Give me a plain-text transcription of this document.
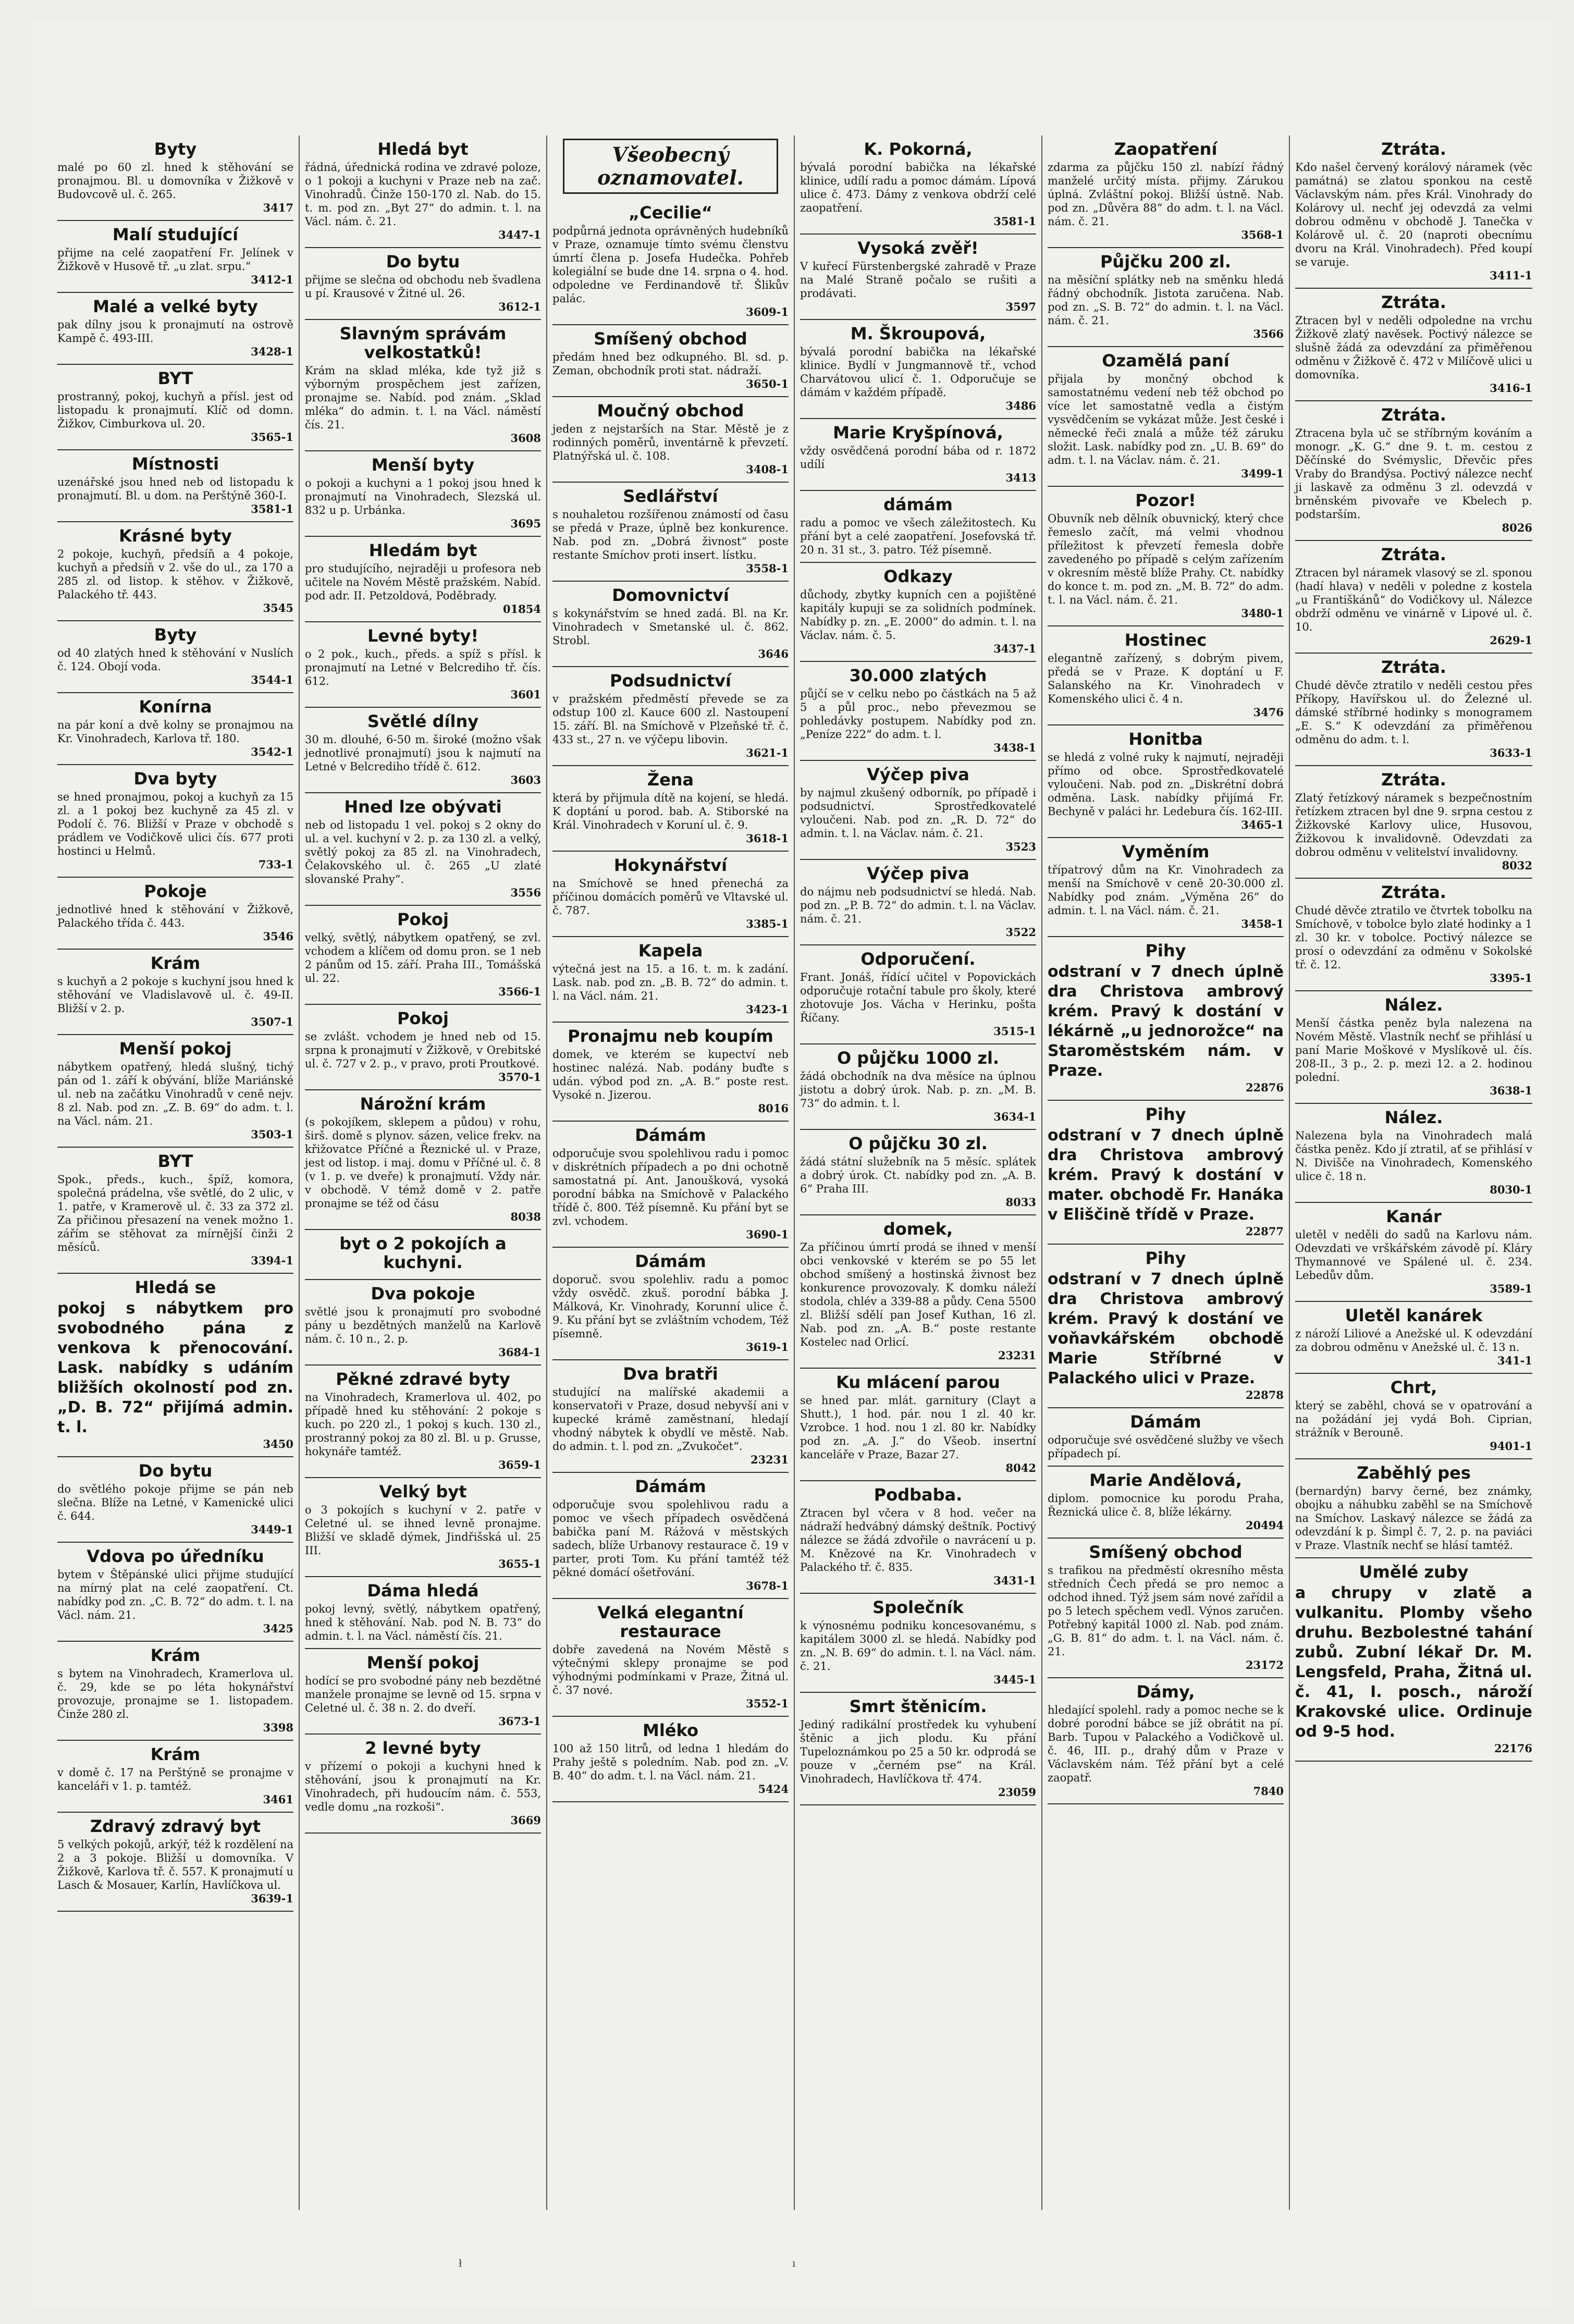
Byty
malé po 60 zl. hned k stěhování se pronajmou. Bl. u domovníka v Žižkově v Budovcově ul. č. 265.
3417
Malí studující
přijme na celé zaopatření Fr. Jelínek v Žižkově v Husově tř. „u zlat. srpu.“
3412-1
Malé a velké byty
pak dílny jsou k pronajmutí na ostrově Kampě č. 493-III.
3428-1
BYT
prostranný, pokoj, kuchyň a přísl. jest od listopadu k pronajmutí. Klíč od domn. Žižkov, Cimburkova ul. 20.
3565-1
Místnosti
uzenářské jsou hned neb od listopadu k pronajmutí. Bl. u dom. na Perštýně 360-I.
3581-1
Krásné byty
2 pokoje, kuchyň, předsíň a 4 pokoje, kuchyň a předsíň v 2. vše do ul., za 170 a 285 zl. od listop. k stěhov. v Žižkově, Palackého tř. 443.
3545
Byty
od 40 zlatých hned k stěhování v Nuslích č. 124. Obojí voda.
3544-1
Konírna
na pár koní a dvě kolny se pronajmou na Kr. Vinohradech, Karlova tř. 180.
3542-1
Dva byty
se hned pronajmou, pokoj a kuchyň za 15 zl. a 1 pokoj bez kuchyně za 45 zl. v Podolí č. 76. Bližší v Praze v obchodě s prádlem ve Vodičkově ulici čís. 677 proti hostinci u Helmů.
733-1
Pokoje
jednotlivé hned k stěhování v Žižkově, Palackého třída č. 443.
3546
Krám
s kuchyň a 2 pokoje s kuchyní jsou hned k stěhování ve Vladislavově ul. č. 49-II. Bližší v 2. p.
3507-1
Menší pokoj
nábytkem opatřený, hledá slušný, tichý pán od 1. září k obývání, blíže Mariánské ul. neb na začátku Vinohradů v ceně nejv. 8 zl. Nab. pod zn. „Z. B. 69“ do adm. t. l. na Václ. nám. 21.
3503-1
BYT
Spok., předs., kuch., špíž, komora, společná prádelna, vše světlé, do 2 ulic, v 1. patře, v Kramerově ul. č. 33 za 372 zl. Za přičinou přesazení na venek možno 1. zářím se stěhovat za mírnější činži 2 měsíců.
3394-1
Hledá se
pokoj s nábytkem pro svobodného pána z venkova k přenocování. Lask. nabídky s udáním bližších okolností pod zn. „D. B. 72“ přijímá admin. t. l.
3450
Do bytu
do světlého pokoje přijme se pán neb slečna. Blíže na Letné, v Kamenické ulici č. 644.
3449-1
Vdova po úředníku
bytem v Štěpánské ulici přijme studující na mírný plat na celé zaopatření. Ct. nabídky pod zn. „C. B. 72“ do adm. t. l. na Václ. nám. 21.
3425
Krám
s bytem na Vinohradech, Kramerlova ul. č. 29, kde se po léta hokynářství provozuje, pronajme se 1. listopadem. Činže 280 zl.
3398
Krám
v domě č. 17 na Perštýně se pronajme v kanceláři v 1. p. tamtéž.
3461
Zdravý zdravý byt
5 velkých pokojů, arkýř, též k rozdělení na 2 a 3 pokoje. Bližší u domovníka. V Žižkově, Karlova tř. č. 557. K pronajmutí u Lasch & Mosauer, Karlín, Havlíčkova ul.
3639-1
Hledá byt
řádná, úřednická rodina ve zdravé poloze, o 1 pokoji a kuchyni v Praze neb na zač. Vinohradů. Činže 150-170 zl. Nab. do 15. t. m. pod zn. „Byt 27“ do admin. t. l. na Václ. nám. č. 21.
3447-1
Do bytu
přijme se slečna od obchodu neb švadlena u pí. Krausové v Žitné ul. 26.
3612-1
Slavným správám velkostatků!
Krám na sklad mléka, kde tyž již s výborným prospěchem jest zařízen, pronajme se. Nabíd. pod znám. „Sklad mléka“ do admin. t. l. na Václ. náměstí čís. 21.
3608
Menší byty
o pokoji a kuchyni a 1 pokoj jsou hned k pronajmutí na Vinohradech, Slezská ul. 832 u p. Urbánka.
3695
Hledám byt
pro studujícího, nejraději u profesora neb učitele na Novém Městě pražském. Nabíd. pod adr. II. Petzoldová, Poděbrady.
01854
Levné byty!
o 2 pok., kuch., předs. a spíž s přísl. k pronajmutí na Letné v Belcrediho tř. čís. 612.
3601
Světlé dílny
30 m. dlouhé, 6-50 m. široké (možno však jednotlivé pronajmutí) jsou k najmutí na Letné v Belcrediho třídě č. 612.
3603
Hned lze obývati
neb od listopadu 1 vel. pokoj s 2 okny do ul. a vel. kuchyní v 2. p. za 130 zl. a velký, světlý pokoj za 85 zl. na Vinohradech, Čelakovského ul. č. 265 „U zlaté slovanské Prahy“.
3556
Pokoj
velký, světlý, nábytkem opatřený, se zvl. vchodem a klíčem od domu pron. se 1 neb 2 pánům od 15. září. Praha III., Tomášská ul. 22.
3566-1
Pokoj
se zvlášt. vchodem je hned neb od 15. srpna k pronajmutí v Žižkově, v Orebitské ul. č. 727 v 2. p., v pravo, proti Proutkové.
3570-1
Nárožní krám
(s pokojíkem, sklepem a půdou) v rohu, širš. domě s plynov. sázen, velice frekv. na křižovatce Příčné a Řeznické ul. v Praze, jest od listop. i maj. domu v Příčné ul. č. 8 (v 1. p. ve dveře) k pronajmutí. Vždy nár. v obchodě. V témž domě v 2. patře pronajme se též od čásu
8038
byt o 2 pokojích a kuchyni.
Dva pokoje
světlé jsou k pronajmutí pro svobodné pány u bezdětných manželů na Karlově nám. č. 10 n., 2. p.
3684-1
Pěkné zdravé byty
na Vinohradech, Kramerlova ul. 402, po případě hned ku stěhování: 2 pokoje s kuch. po 220 zl., 1 pokoj s kuch. 130 zl., prostranný pokoj za 80 zl. Bl. u p. Grusse, hokynáře tamtéž.
3659-1
Velký byt
o 3 pokojích s kuchyní v 2. patře v Celetné ul. se ihned levně pronajme. Bližší ve skladě dýmek, Jindřišská ul. 25 III.
3655-1
Dáma hledá
pokoj levný, světlý, nábytkem opatřený, hned k stěhování. Nab. pod N. B. 73“ do admin. t. l. na Václ. náměstí čís. 21.
Menší pokoj
hodící se pro svobodné pány neb bezdětné manžele pronajme se levně od 15. srpna v Celetné ul. č. 38 n. 2. do dveří.
3673-1
2 levné byty
v přízemí o pokoji a kuchyni hned k stěhování, jsou k pronajmutí na Kr. Vinohradech, při hudoucím nám. č. 553, vedle domu „na rozkoši“.
3669
Všeobecný
oznamovatel.
„Cecilie“
podpůrná jednota oprávněných hudebníků v Praze, oznamuje tímto svému členstvu úmrtí člena p. Josefa Hudečka. Pohřeb kolegiální se bude dne 14. srpna o 4. hod. odpoledne ve Ferdinandově tř. Šlikův palác.
3609-1
Smíšený obchod
předám hned bez odkupného. Bl. sd. p. Zeman, obchodník proti stat. nádraží.
3650-1
Moučný obchod
jeden z nejstarších na Star. Městě je z rodinných poměrů, inventárně k převzetí. Platnýřská ul. č. 108.
3408-1
Sedlářství
s nouhaletou rozšířenou známostí od času se předá v Praze, úplně bez konkurence. Nab. pod zn. „Dobrá živnost“ poste restante Smíchov proti insert. lístku.
3558-1
Domovnictví
s kokynářstvím se hned zadá. Bl. na Kr. Vinohradech v Smetanské ul. č. 862. Strobl.
3646
Podsudnictví
v pražském předměstí převede se za odstup 100 zl. Kauce 600 zl. Nastoupení 15. září. Bl. na Smíchově v Plzeňské tř. č. 433 st., 27 n. ve výčepu libovin.
3621-1
Žena
která by přijmula dítě na kojení, se hledá. K doptání u porod. bab. A. Stiborské na Král. Vinohradech v Koruní ul. č. 9.
3618-1
Hokynářství
na Smíchově se hned přenechá za příčinou domácích poměrů ve Vltavské ul. č. 787.
3385-1
Kapela
výtečná jest na 15. a 16. t. m. k zadání. Lask. nab. pod zn. „B. B. 72“ do admin. t. l. na Václ. nám. 21.
3423-1
Pronajmu neb koupím
domek, ve kterém se kupectví neb hostinec nalézá. Nab. podány buďte s udán. výbod pod zn. „A. B.“ poste rest. Vysoké n. Jizerou.
8016
Dámám
odporučuje svou spolehlivou radu i pomoc v diskrétních případech a po dni ochotně samostatná pí. Ant. Janoušková, vysoká porodní bábka na Smíchově v Palackého třídě č. 800. Též písemně. Ku přání byt se zvl. vchodem.
3690-1
Dámám
doporuč. svou spolehliv. radu a pomoc vždy osvědč. zkuš. porodní bábka J. Málková, Kr. Vinohrady, Korunní ulice č. 9. Ku přání byt se zvláštním vchodem, Též písemně.
3619-1
Dva bratři
studující na malířské akademii a konservatoři v Praze, dosud nebyvší ani v kupecké krámě zaměstnaní, hledají vhodný nábytek k obydlí ve městě. Nab. do admin. t. l. pod zn. „Zvukočet“.
23231
Dámám
odporučuje svou spolehlivou radu a pomoc ve všech případech osvědčená babička paní M. Rážová v městských sadech, blíže Urbanovy restaurace č. 19 v parter, proti Tom. Ku přání tamtéž též pěkné domácí ošetřování.
3678-1
Velká elegantní restaurace
dobře zavedená na Novém Městě s výtečnými sklepy pronajme se pod výhodnými podmínkami v Praze, Žitná ul. č. 37 nové.
3552-1
Mléko
100 až 150 litrů, od ledna 1 hledám do Prahy ještě s poledním. Nab. pod zn. „V. B. 40“ do adm. t. l. na Václ. nám. 21.
5424
K. Pokorná,
bývalá porodní babička na lékařské klinice, udílí radu a pomoc dámám. Lípová ulice č. 473. Dámy z venkova obdrží celé zaopatření.
3581-1
Vysoká zvěř!
V kuřecí Fürstenbergské zahradě v Praze na Malé Straně počalo se rušiti a prodávati.
3597
M. Škroupová,
bývalá porodní babička na lékařské klinice. Bydlí v Jungmannově tř., vchod Charvátovou ulicí č. 1. Odporučuje se dámám v každém případě.
3486
Marie Kryšpínová,
vždy osvědčená porodní bába od r. 1872 udílí
3413
dámám
radu a pomoc ve všech záležitostech. Ku přání byt a celé zaopatření. Josefovská tř. 20 n. 31 st., 3. patro. Též písemně.
Odkazy
důchody, zbytky kupních cen a pojištěné kapitály kupuji se za solidních podmínek. Nabídky p. zn. „E. 2000“ do admin. t. l. na Václav. nám. č. 5.
3437-1
30.000 zlatých
půjčí se v celku nebo po částkách na 5 až 5 a půl proc., nebo převezmou se pohledávky postupem. Nabídky pod zn. „Peníze 222“ do adm. t. l.
3438-1
Výčep piva
by najmul zkušený odborník, po případě i podsudnictví. Sprostředkovatelé vyloučeni. Nab. pod zn. „R. D. 72“ do admin. t. l. na Václav. nám. č. 21.
3523
Výčep piva
do nájmu neb podsudnictví se hledá. Nab. pod zn. „P. B. 72“ do admin. t. l. na Václav. nám. č. 21.
3522
Odporučení.
Frant. Jonáš, řídící učitel v Popovickách odporučuje rotační tabule pro školy, které zhotovuje Jos. Vácha v Herinku, pošta Říčany.
3515-1
O půjčku 1000 zl.
žádá obchodník na dva měsíce na úplnou jistotu a dobrý úrok. Nab. p. zn. „M. B. 73“ do admin. t. l.
3634-1
O půjčku 30 zl.
žádá státní služebník na 5 měsíc. splátek a dobrý úrok. Ct. nabídky pod zn. „A. B. 6“ Praha III.
8033
domek,
Za příčinou úmrtí prodá se ihned v menší obci venkovské v kterém se po 55 let obchod smíšený a hostinská živnost bez konkurence provozovaly. K domku náleží stodola, chlév a 339-88 a půdy. Cena 5500 zl. Bližší sdělí pan Josef Kuthan, 16 zl. Nab. pod zn. „A. B.“ poste restante Kostelec nad Orlicí.
23231
Ku mlácení parou
se hned par. mlát. garnitury (Clayt a Shutt.), 1 hod. pár. nou 1 zl. 40 kr. Vzrobce. 1 hod. nou 1 zl. 80 kr. Nabídky pod zn. „A. J.“ do Všeob. insertní kanceláře v Praze, Bazar 27.
8042
Podbaba.
Ztracen byl včera v 8 hod. večer na nádraží hedvábný dámský deštník. Poctivý nálezce se žádá zdvořile o navrácení u p. M. Knězové na Kr. Vinohradech v Palackého tř. č. 835.
3431-1
Společník
k výnosnému podniku koncesovanému, s kapitálem 3000 zl. se hledá. Nabídky pod zn. „N. B. 69“ do admin. t. l. na Václ. nám. č. 21.
3445-1
Smrt štěnicím.
Jediný radikální prostředek ku vyhubení štěnic a jich plodu. Ku přání Tupeloznámkou po 25 a 50 kr. odprodá se pouze v „černém pse“ na Král. Vinohradech, Havlíčkova tř. 474.
23059
Zaopatření
zdarma za půjčku 150 zl. nabízí řádný manželé určitý místa. přijmy. Zárukou úplná. Zvláštní pokoj. Bližší ústně. Nab. pod zn. „Důvěra 88“ do adm. t. l. na Václ. nám. č. 21.
3568-1
Půjčku 200 zl.
na měsíční splátky neb na směnku hledá řádný obchodník. Jistota zaručena. Nab. pod zn. „S. B. 72“ do admin. t. l. na Václ. nám. č. 21.
3566
Ozamělá paní
přijala by mončný obchod k samostatnému vedení neb též obchod po více let samostatně vedla a čistým vysvědčením se vykázat může. Jest české i německé řeči znalá a může též záruku složit. Lask. nabídky pod zn. „U. B. 69“ do adm. t. l. na Václav. nám. č. 21.
3499-1
Pozor!
Obuvník neb dělník obuvnický, který chce řemeslo začít, má velmi vhodnou příležitost k převzetí řemesla dobře zavedeného po případě s celým zařízením v okresním městě blíže Prahy. Ct. nabídky do konce t. m. pod zn. „M. B. 72“ do adm. t. l. na Václ. nám. č. 21.
3480-1
Hostinec
elegantně zařízený, s dobrým pivem, předá se v Praze. K doptání u F. Salanského na Kr. Vinohradech v Komenského ulici č. 4 n.
3476
Honitba
se hledá z volné ruky k najmutí, nejraději přímo od obce. Sprostředkovatelé vyloučeni. Nab. pod zn. „Diskrétní dobrá odměna. Lask. nabídky přijímá Fr. Bechyně v paláci hr. Ledebura čís. 162-III.
3465-1
Vyměním
třípatrový dům na Kr. Vinohradech za menší na Smíchově v ceně 20-30.000 zl. Nabídky pod znám. „Výměna 26“ do admin. t. l. na Václ. nám. č. 21.
3458-1
Pihy
odstraní v 7 dnech úplně dra Christova ambrový krém. Pravý k dostání v lékárně „u jednorožce“ na Staroměstském nám. v Praze.
22876
Pihy
odstraní v 7 dnech úplně dra Christova ambrový krém. Pravý k dostání v mater. obchodě Fr. Hanáka v Eliščině třídě v Praze.
22877
Pihy
odstraní v 7 dnech úplně dra Christova ambrový krém. Pravý k dostání ve voňavkářském obchodě Marie Stříbrné v Palackého ulici v Praze.
22878
Dámám
odporučuje své osvědčené služby ve všech případech pí.
Marie Andělová,
diplom. pomocnice ku porodu Praha, Řeznická ulice č. 8, blíže lékárny.
20494
Smíšený obchod
s trafikou na předměstí okresního města středních Čech předá se pro nemoc a odchod ihned. Týž jsem sám nové zařídil a po 5 letech spěchem vedl. Výnos zaručen. Potřebný kapitál 1000 zl. Nab. pod znám. „G. B. 81“ do adm. t. l. na Václ. nám. č. 21.
23172
Dámy,
hledající spolehl. rady a pomoc neche se k dobré porodní bábce se jíž obrátit na pí. Barb. Tupou v Palackého a Vodičkově ul. č. 46, III. p., drahý dům v Praze v Václavském nám. Též přání byt a celé zaopatř.
7840
Ztráta.
Kdo našel červený korálový náramek (věc památná) se zlatou sponkou na cestě Václavským nám. přes Král. Vinohrady do Kolárovy ul. nechť jej odevzdá za velmi dobrou odměnu v obchodě J. Tanečka v Kolárově ul. č. 20 (naproti obecnímu dvoru na Král. Vinohradech). Před koupí se varuje.
3411-1
Ztráta.
Ztracen byl v neděli odpoledne na vrchu Žižkově zlatý navěsek. Poctivý nálezce se slušně žádá za odevzdání za přiměřenou odměnu v Žižkově č. 472 v Milíčově ulici u domovníka.
3416-1
Ztráta.
Ztracena byla uč se stříbrným kováním a monogr. „K. G.“ dne 9. t. m. cestou z Děčínské do Svémyslic, Dřevčic přes Vraby do Brandýsa. Poctivý nálezce nechť ji laskavě za odměnu 3 zl. odevzdá v brněnském pivovaře ve Kbelech p. podstarším.
8026
Ztráta.
Ztracen byl náramek vlasový se zl. sponou (hadí hlava) v neděli v poledne z kostela „u Františkánů“ do Vodičkovy ul. Nálezce obdrží odměnu ve vinárně v Lipové ul. č. 10.
2629-1
Ztráta.
Chudé děvče ztratilo v neděli cestou přes Příkopy, Havířskou ul. do Železné ul. dámské stříbrné hodinky s monogramem „E. S.“ K odevzdání za přiměřenou odměnu do adm. t. l.
3633-1
Ztráta.
Zlatý řetízkový náramek s bezpečnostním řetízkem ztracen byl dne 9. srpna cestou z Žižkovské Karlovy ulice, Husovou, Žižkovou k invalidovně. Odevzdati za dobrou odměnu v velitelství invalidovny.
8032
Ztráta.
Chudé děvče ztratilo ve čtvrtek tobolku na Smíchově, v tobolce bylo zlaté hodinky a 1 zl. 30 kr. v tobolce. Poctivý nálezce se prosí o odevzdání za odměnu v Sokolské tř. č. 12.
3395-1
Nález.
Menší částka peněz byla nalezena na Novém Městě. Vlastník nechť se přihlásí u paní Marie Moškové v Myslíkově ul. čís. 208-II., 3 p., 2. p. mezi 12. a 2. hodinou polední.
3638-1
Nález.
Nalezena byla na Vinohradech malá částka peněz. Kdo jí ztratil, ať se přihlásí v N. Divišče na Vinohradech, Komenského ulice č. 18 n.
8030-1
Kanár
uletěl v neděli do sadů na Karlovu nám. Odevzdati ve vrškářském závodě pí. Kláry Thymannové ve Spálené ul. č. 234. Lebedův dům.
3589-1
Uletěl kanárek
z nároží Liliové a Anežské ul. K odevzdání za dobrou odměnu v Anežské ul. č. 13 n.
341-1
Chrt,
který se zaběhl, chová se v opatrování a na požádání jej vydá Boh. Ciprian, strážník v Berouně.
9401-1
Zaběhlý pes
(bernardýn) barvy černé, bez známky, obojku a náhubku zaběhl se na Smíchově na Smíchov. Laskavý nálezce se žádá za odevzdání k p. Šimpl č. 7, 2. p. na paviáci v Praze. Vlastník nechť se hlásí tamtéž.
Umělé zuby
a chrupy v zlatě a vulkanitu. Plomby všeho druhu. Bezbolestné tahání zubů. Zubní lékař Dr. M. Lengsfeld, Praha, Žitná ul. č. 41, I. posch., nároží Krakovské ulice. Ordinuje od 9-5 hod.
22176
ł	ı
